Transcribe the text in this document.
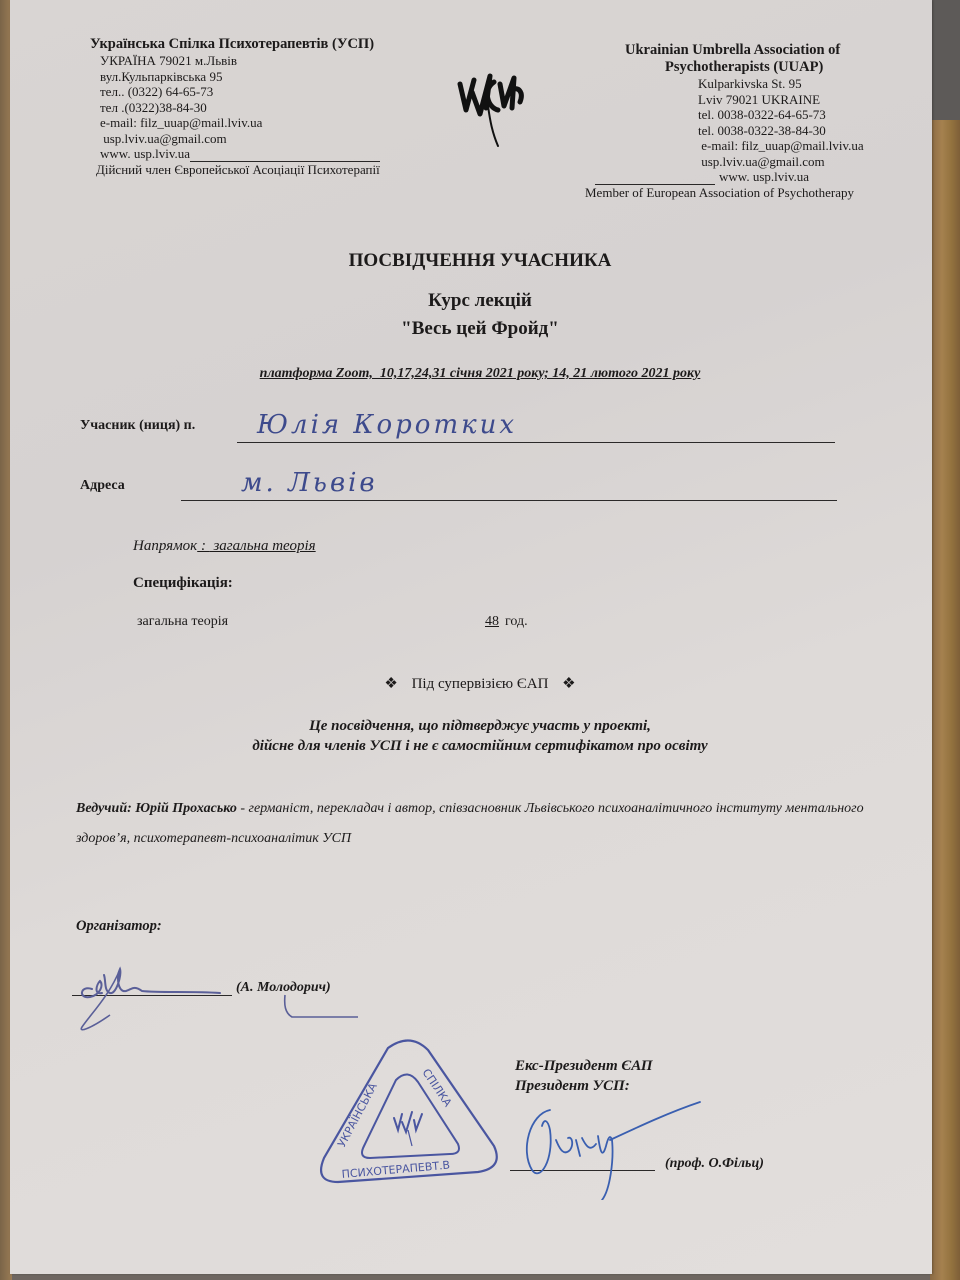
Українська Спілка Психотерапевтів (УСП)
УКРАЇНА 79021 м.Львів
вул.Кульпарківська 95
тел.. (0322) 64-65-73
тел .(0322)38-84-30
e-mail: filz_uuap@mail.lviv.ua
usp.lviv.ua@gmail.com
www. usp.lviv.ua
Дійсний член Європейської Асоціації Психотерапії
Ukrainian Umbrella Association of
Psychotherapists (UUAP)
Kulparkivska St. 95
Lviv 79021 UKRAINE
tel. 0038-0322-64-65-73
tel. 0038-0322-38-84-30
e-mail: filz_uuap@mail.lviv.ua
usp.lviv.ua@gmail.com
www. usp.lviv.ua
Member of European Association of Psychotherapy
ПОСВІДЧЕННЯ УЧАСНИКА
Курс лекцій
"Весь цей Фройд"
платформа Zoom,  10,17,24,31 січня 2021 року; 14, 21 лютого 2021 року
Учасник (ниця) п. Юлія Коротких
Адреса	м. Львів
Напрямок :  загальна теорія
Специфікація:
загальна теорія	48 год.
❖ Під супервізією ЄАП ❖
Це посвідчення, що підтверджує участь у проекті,
дійсне для членів УСП і не є самостійним сертифікатом про освіту
Ведучий: Юрій Прохасько - германіст, перекладач і автор, співзасновник Львівського психоаналітичного інституту ментального здоров’я, психотерапевт-психоаналітик УСП
Організатор:
(А. Молодорич)
УКРАЇНСЬКА	СПІЛКА
ПСИХОТЕРАПЕВТ.В
Екс-Президент ЄАП
Президент УСП:
(проф. О.Фільц)
